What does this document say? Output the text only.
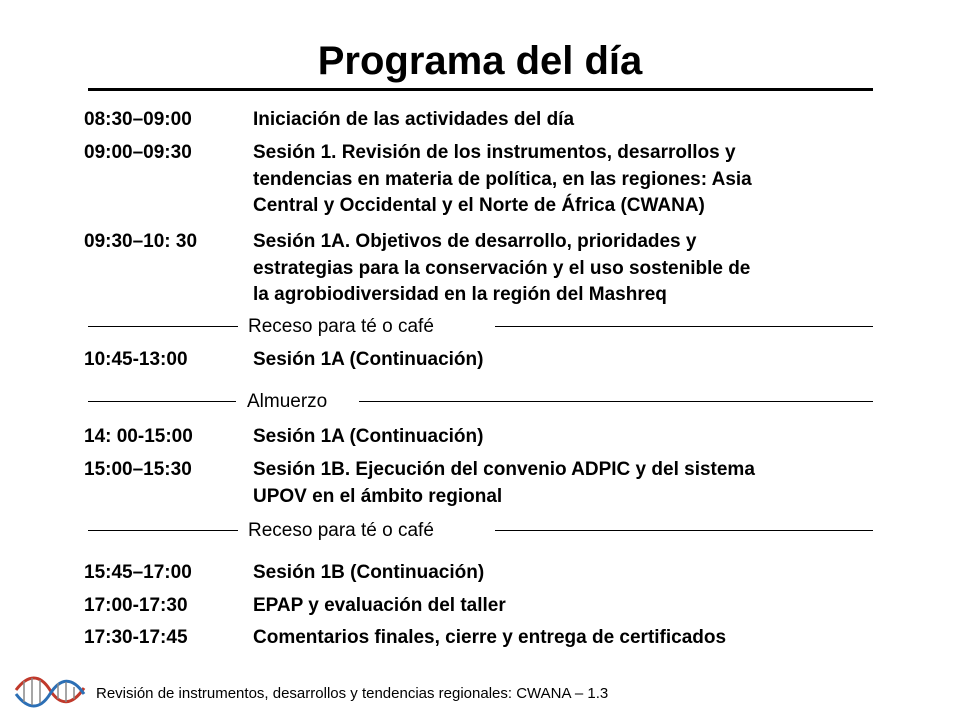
Programa del día
08:30–09:00	Iniciación de las actividades del día
09:00–09:30	Sesión 1. Revisión de los instrumentos, desarrollos y
tendencias en materia de política, en las regiones: Asia
Central y Occidental y el Norte de África (CWANA)
09:30–10: 30	Sesión 1A. Objetivos de desarrollo, prioridades y
estrategias para la conservación y el uso sostenible de
la agrobiodiversidad en la región del Mashreq
Receso para té o café
10:45-13:00	Sesión 1A (Continuación)
Almuerzo
14: 00-15:00	Sesión 1A (Continuación)
15:00–15:30	Sesión 1B. Ejecución del convenio ADPIC y del sistema
UPOV en el ámbito regional
Receso para té o café
15:45–17:00	Sesión 1B (Continuación)
17:00-17:30	EPAP y evaluación del taller
17:30-17:45	Comentarios finales, cierre y entrega de certificados
Revisión de instrumentos, desarrollos y tendencias regionales: CWANA – 1.3
